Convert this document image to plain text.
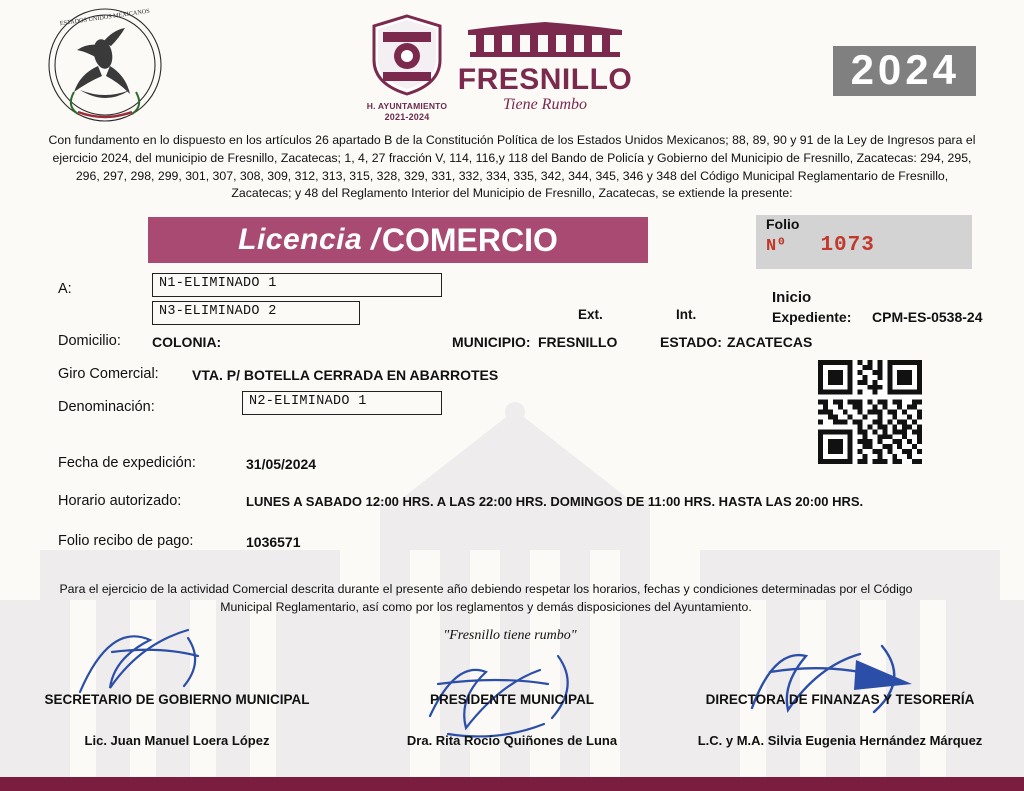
ESTADOS UNIDOS MEXICANOS
H. AYUNTAMIENTO
2021-2024
FRESNILLO
Tiene Rumbo
2024
Con fundamento en lo dispuesto en los artículos 26 apartado B de la Constitución Política de los Estados Unidos Mexicanos; 88, 89, 90 y 91 de la Ley de Ingresos para el ejercicio 2024, del municipio de Fresnillo, Zacatecas; 1, 4, 27 fracción V, 114, 116,y 118 del Bando de Policía y Gobierno del Municipio de Fresnillo, Zacatecas: 294, 295, 296, 297, 298, 299, 301, 307, 308, 309, 312, 313, 315, 328, 329, 331, 332, 334, 335, 342, 344, 345, 346 y 348 del Código Municipal Reglamentario de Fresnillo, Zacatecas; y 48 del Reglamento Interior del Municipio de Fresnillo, Zacatecas, se extiende la presente:
Licencia / COMERCIO	Folio
N⁰ 1073
A:	N1-ELIMINADO 1
N3-ELIMINADO 2	Ext.	Int.
Inicio
Expediente: CPM-ES-0538-24
Domicilio: COLONIA:	MUNICIPIO: FRESNILLO	ESTADO: ZACATECAS
Giro Comercial: VTA. P/ BOTELLA CERRADA EN ABARROTES
Denominación:	N2-ELIMINADO 1
Fecha de expedición:	31/05/2024
Horario autorizado:	LUNES A SABADO 12:00 HRS. A LAS 22:00 HRS. DOMINGOS DE 11:00 HRS. HASTA LAS 20:00 HRS.
Folio recibo de pago:	1036571
Para el ejercicio de la actividad Comercial descrita durante el presente año debiendo respetar los horarios, fechas y condiciones determinadas por el Código Municipal Reglamentario, así como por los reglamentos y demás disposiciones del Ayuntamiento.
"Fresnillo tiene rumbo"
SECRETARIO DE GOBIERNO MUNICIPAL
Lic. Juan Manuel Loera López
PRESIDENTE MUNICIPAL
Dra. Rita Rocío Quiñones de Luna
DIRECTORA DE FINANZAS Y TESORERÍA
L.C. y M.A. Silvia Eugenia Hernández Márquez
